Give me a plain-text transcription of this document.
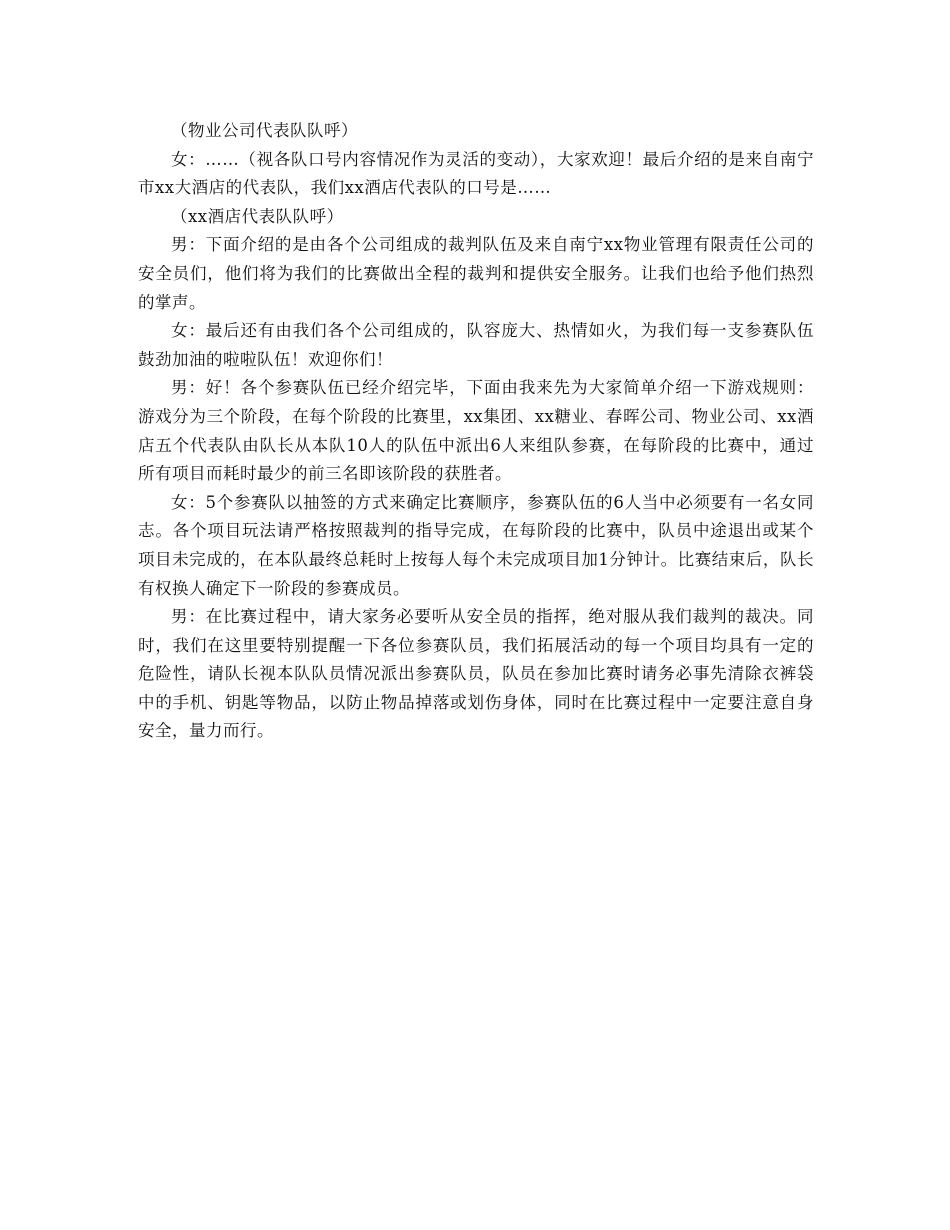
（物业公司代表队队呼）

女：……（视各队口号内容情况作为灵活的变动），大家欢迎！最后介绍的是来自南宁市xx大酒店的代表队，我们xx酒店代表队的口号是……

（xx酒店代表队队呼）

男：下面介绍的是由各个公司组成的裁判队伍及来自南宁xx物业管理有限责任公司的安全员们，他们将为我们的比赛做出全程的裁判和提供安全服务。让我们也给予他们热烈的掌声。

女：最后还有由我们各个公司组成的，队容庞大、热情如火，为我们每一支参赛队伍鼓劲加油的啦啦队伍！欢迎你们！

男：好！各个参赛队伍已经介绍完毕，下面由我来先为大家简单介绍一下游戏规则：游戏分为三个阶段，在每个阶段的比赛里，xx集团、xx糖业、春晖公司、物业公司、xx酒店五个代表队由队长从本队10人的队伍中派出6人来组队参赛，在每阶段的比赛中，通过所有项目而耗时最少的前三名即该阶段的获胜者。

女：5个参赛队以抽签的方式来确定比赛顺序，参赛队伍的6人当中必须要有一名女同志。各个项目玩法请严格按照裁判的指导完成，在每阶段的比赛中，队员中途退出或某个项目未完成的，在本队最终总耗时上按每人每个未完成项目加1分钟计。比赛结束后，队长有权换人确定下一阶段的参赛成员。

男：在比赛过程中，请大家务必要听从安全员的指挥，绝对服从我们裁判的裁决。同时，我们在这里要特别提醒一下各位参赛队员，我们拓展活动的每一个项目均具有一定的危险性，请队长视本队队员情况派出参赛队员，队员在参加比赛时请务必事先清除衣裤袋中的手机、钥匙等物品，以防止物品掉落或划伤身体，同时在比赛过程中一定要注意自身安全，量力而行。
